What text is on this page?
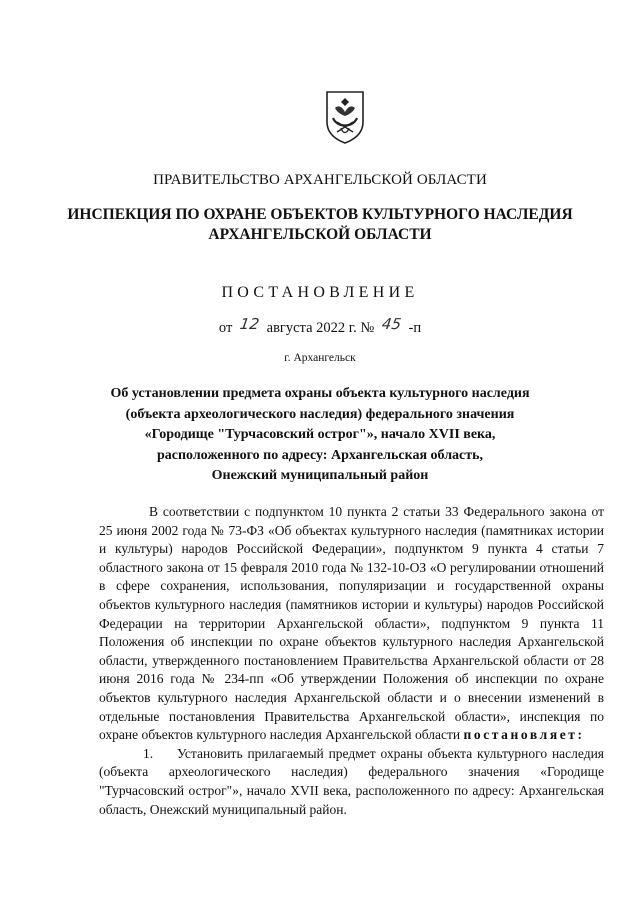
ПРАВИТЕЛЬСТВО АРХАНГЕЛЬСКОЙ ОБЛАСТИ
ИНСПЕКЦИЯ ПО ОХРАНЕ ОБЪЕКТОВ КУЛЬТУРНОГО НАСЛЕДИЯ
АРХАНГЕЛЬСКОЙ ОБЛАСТИ
ПОСТАНОВЛЕНИЕ
от 12 августа 2022 г. № 45 -п
г. Архангельск
Об установлении предмета охраны объекта культурного наследия
(объекта археологического наследия) федерального значения
«Городище "Турчасовский острог"», начало XVII века,
расположенного по адресу: Архангельская область,
Онежский муниципальный район

В соответствии с подпунктом 10 пункта 2 статьи 33 Федерального закона от 25 июня 2002 года № 73-ФЗ «Об объектах культурного наследия (памятниках истории и культуры) народов Российской Федерации», подпунктом 9 пункта 4 статьи 7 областного закона от 15 февраля 2010 года № 132-10-ОЗ «О регулировании отношений в сфере сохранения, использования, популяризации и государственной охраны объектов культурного наследия (памятников истории и культуры) народов Российской Федерации на территории Архангельской области», подпунктом 9 пункта 11 Положения об инспекции по охране объектов культурного наследия Архангельской области, утвержденного постановлением Правительства Архангельской области от 28 июня 2016 года № 234-пп «Об утверждении Положения об инспекции по охране объектов культурного наследия Архангельской области и о внесении изменений в отдельные постановления Правительства Архангельской области», инспекция по охране объектов культурного наследия Архангельской области постановляет:

1. Установить прилагаемый предмет охраны объекта культурного наследия (объекта археологического наследия) федерального значения «Городище "Турчасовский острог"», начало XVII века, расположенного по адресу: Архангельская область, Онежский муниципальный район.
